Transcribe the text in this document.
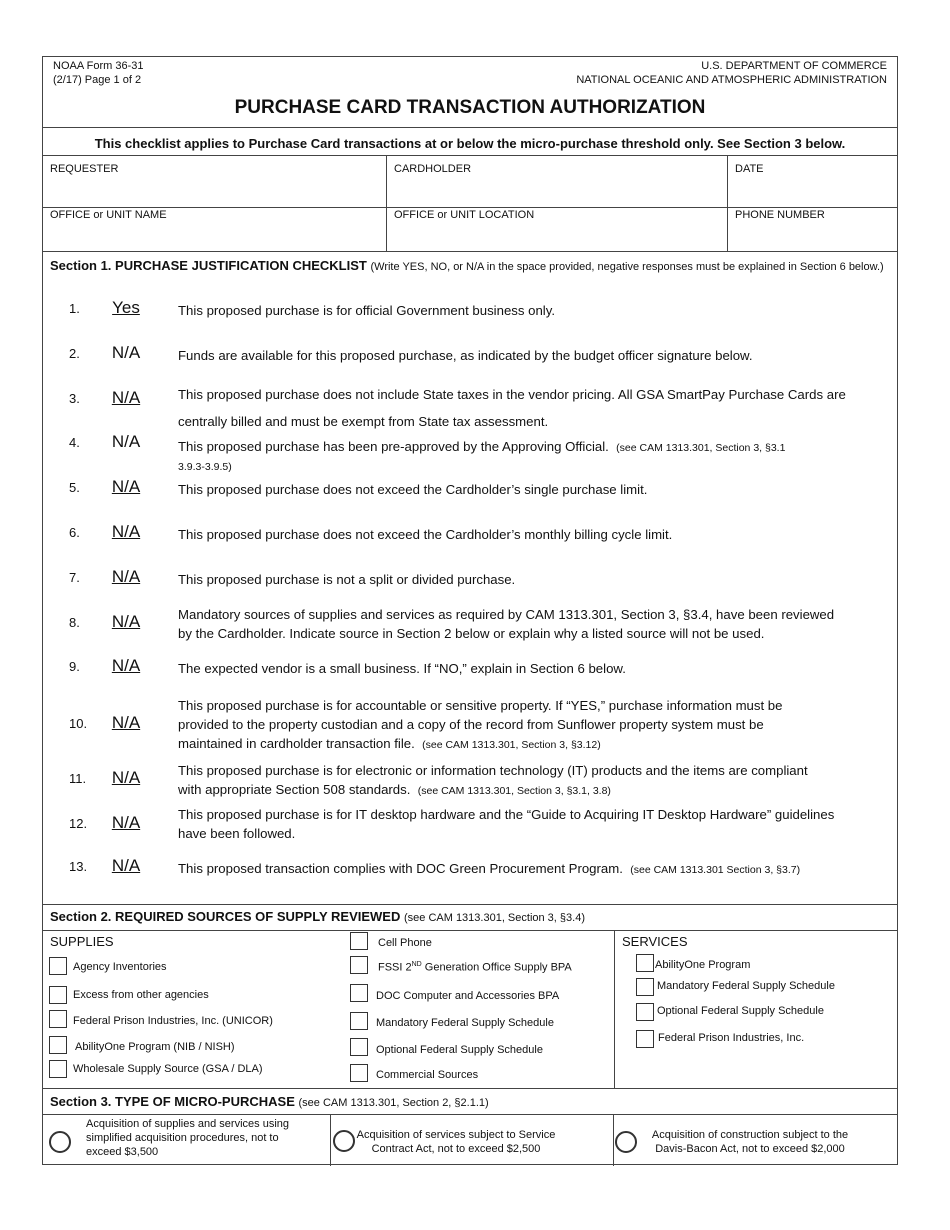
NOAA Form 36-31
(2/17) Page 1 of 2
U.S. DEPARTMENT OF COMMERCE
NATIONAL OCEANIC AND ATMOSPHERIC ADMINISTRATION
PURCHASE CARD TRANSACTION AUTHORIZATION
This checklist applies to Purchase Card transactions at or below the micro-purchase threshold only. See Section 3 below.
REQUESTER	CARDHOLDER	DATE
OFFICE or UNIT NAME	OFFICE or UNIT LOCATION	PHONE NUMBER
Section 1. PURCHASE JUSTIFICATION CHECKLIST (Write YES, NO, or N/A in the space provided, negative responses must be explained in Section 6 below.)
1.	Yes	This proposed purchase is for official Government business only.
2.	N/A	Funds are available for this proposed purchase, as indicated by the budget officer signature below.
3.	N/A	This proposed purchase does not include State taxes in the vendor pricing. All GSA SmartPay Purchase Cards are
centrally billed and must be exempt from State tax assessment.
4.	N/A	This proposed purchase has been pre-approved by the Approving Official. (see CAM 1313.301, Section 3, §3.1
3.9.3-3.9.5)
5.	N/A	This proposed purchase does not exceed the Cardholder’s single purchase limit.
6.	N/A	This proposed purchase does not exceed the Cardholder’s monthly billing cycle limit.
7.	N/A	This proposed purchase is not a split or divided purchase.
8.	N/A	Mandatory sources of supplies and services as required by CAM 1313.301, Section 3, §3.4, have been reviewed
by the Cardholder. Indicate source in Section 2 below or explain why a listed source will not be used.
9.	N/A	The expected vendor is a small business. If “NO,” explain in Section 6 below.
10.	N/A
This proposed purchase is for accountable or sensitive property. If “YES,” purchase information must be
provided to the property custodian and a copy of the record from Sunflower property system must be
maintained in cardholder transaction file. (see CAM 1313.301, Section 3, §3.12)
11.	N/A	This proposed purchase is for electronic or information technology (IT) products and the items are compliant
with appropriate Section 508 standards. (see CAM 1313.301, Section 3, §3.1, 3.8)
12.	N/A	This proposed purchase is for IT desktop hardware and the “Guide to Acquiring IT Desktop Hardware” guidelines
have been followed.
13.	N/A	This proposed transaction complies with DOC Green Procurement Program. (see CAM 1313.301 Section 3, §3.7)
Section 2. REQUIRED SOURCES OF SUPPLY REVIEWED (see CAM 1313.301, Section 3, §3.4)
SUPPLIES
Agency Inventories
Excess from other agencies
Federal Prison Industries, Inc. (UNICOR)
AbilityOne Program (NIB / NISH)
Wholesale Supply Source (GSA / DLA)
Cell Phone
FSSI 2ND Generation Office Supply BPA
DOC Computer and Accessories BPA
Mandatory Federal Supply Schedule
Optional Federal Supply Schedule
Commercial Sources
SERVICES
AbilityOne Program
Mandatory Federal Supply Schedule
Optional Federal Supply Schedule
Federal Prison Industries, Inc.
Section 3. TYPE OF MICRO-PURCHASE (see CAM 1313.301, Section 2, §2.1.1)
Acquisition of supplies and services using
simplified acquisition procedures, not to
exceed $3,500
Acquisition of services subject to Service
Contract Act, not to exceed $2,500
Acquisition of construction subject to the
Davis-Bacon Act, not to exceed $2,000
